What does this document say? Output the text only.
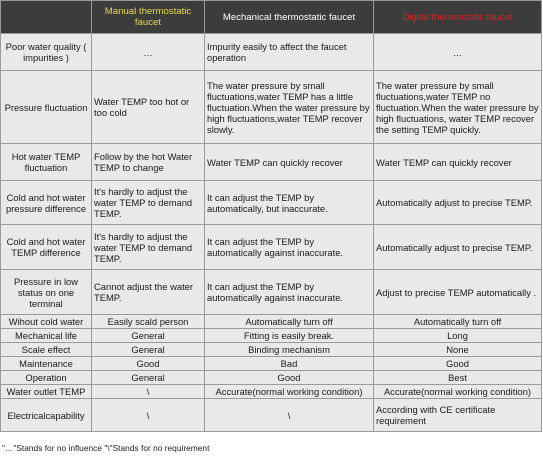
	Manual thermostatic faucet	Mechanical thermostatic faucet	Digital thermostatic faucet
Poor water quality ( impurities )	…	Impurity easily to affect the faucet operation	…
Pressure fluctuation	Water TEMP too hot or too cold	The water pressure by small fluctuations,water TEMP has a little fluctuation.When the water pressure by high fluctuations,water TEMP recover slowly.	The water pressure by small fluctuations,water TEMP no fluctuation.When the water pressure by high fluctuations, water TEMP recover the setting TEMP quickly.
Hot water TEMP fluctuation	Follow by the hot Water TEMP to change	Water TEMP can quickly recover	Water TEMP can quickly recover
Cold and hot water pressure difference	It's hardly to adjust the water TEMP to demand TEMP.	It can adjust the TEMP by automatically, but inaccurate.	Automatically adjust to precise TEMP.
Cold and hot water TEMP difference	It's hardly to adjust the water TEMP to demand TEMP.	It can adjust the TEMP by automatically against inaccurate.	Automatically adjust to precise TEMP.
Pressure in low status on one terminal	Cannot adjust the water TEMP.	It can adjust the TEMP by automatically against inaccurate.	Adjust to precise TEMP automatically .
Wihout cold water	Easily scald person	Automatically turn off	Automatically turn off
Mechanical life	General	Fitting is easily break.	Long
Scale effect	General	Binding mechanism	None
Maintenance	Good	Bad	Good
Operation	General	Good	Best
Water outlet TEMP	\	Accurate(normal working condition)	Accurate(normal working condition)
Electricalcapability	\	\	According with CE certificate requirement
"…"Stands for no influence "\"Stands for no requirement
